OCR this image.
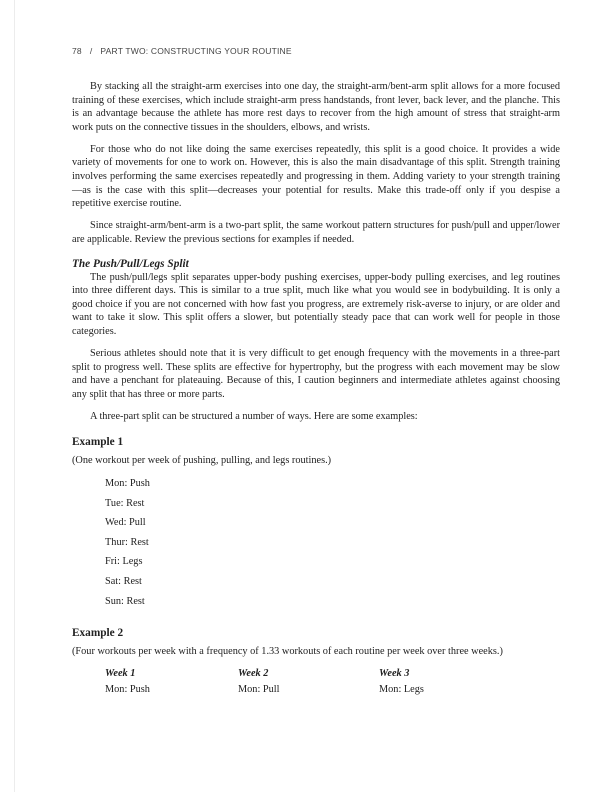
78 / PART TWO: CONSTRUCTING YOUR ROUTINE

By stacking all the straight-arm exercises into one day, the straight-arm/bent-arm split allows for a more focused training of these exercises, which include straight-arm press handstands, front lever, back lever, and the planche. This is an advantage because the athlete has more rest days to recover from the high amount of stress that straight-arm work puts on the connective tissues in the shoulders, elbows, and wrists.

For those who do not like doing the same exercises repeatedly, this split is a good choice. It provides a wide variety of movements for one to work on. However, this is also the main disadvantage of this split. Strength training involves performing the same exercises repeatedly and progressing in them. Adding variety to your strength training—as is the case with this split—decreases your potential for results. Make this trade-off only if you despise a repetitive exercise routine.

Since straight-arm/bent-arm is a two-part split, the same workout pattern structures for push/pull and upper/lower are applicable. Review the previous sections for examples if needed.

The Push/Pull/Legs Split

The push/pull/legs split separates upper-body pushing exercises, upper-body pulling exercises, and leg routines into three different days. This is similar to a true split, much like what you would see in bodybuilding. It is only a good choice if you are not concerned with how fast you progress, are extremely risk-averse to injury, or are older and want to take it slow. This split offers a slower, but potentially steady pace that can work well for people in those categories.

Serious athletes should note that it is very difficult to get enough frequency with the movements in a three-part split to progress well. These splits are effective for hypertrophy, but the progress with each movement may be slow and have a penchant for plateauing. Because of this, I caution beginners and intermediate athletes against choosing any split that has three or more parts.

A three-part split can be structured a number of ways. Here are some examples:

Example 1

(One workout per week of pushing, pulling, and legs routines.)

Mon: Push
Tue: Rest
Wed: Pull
Thur: Rest
Fri: Legs
Sat: Rest
Sun: Rest
Example 2

(Four workouts per week with a frequency of 1.33 workouts of each routine per week over three weeks.)

Week 1
Mon: Push
Week 2
Mon: Pull
Week 3
Mon: Legs
